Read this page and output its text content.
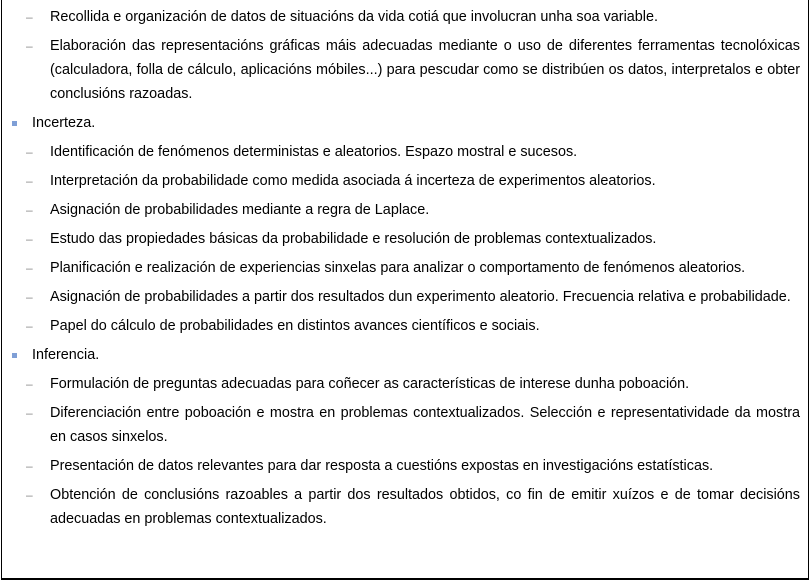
– Recollida e organización de datos de situacións da vida cotiá que involucran unha soa variable.
– Elaboración das representacións gráficas máis adecuadas mediante o uso de diferentes ferramentas tecnolóxicas (calculadora, folla de cálculo, aplicacións móbiles...) para pescudar como se distribúen os datos, interpretalos e obter conclusións razoadas.
Incerteza.
– Identificación de fenómenos deterministas e aleatorios. Espazo mostral e sucesos.
– Interpretación da probabilidade como medida asociada á incerteza de experimentos aleatorios.
– Asignación de probabilidades mediante a regra de Laplace.
– Estudo das propiedades básicas da probabilidade e resolución de problemas contextualizados.
– Planificación e realización de experiencias sinxelas para analizar o comportamento de fenómenos aleatorios.
– Asignación de probabilidades a partir dos resultados dun experimento aleatorio. Frecuencia relativa e probabilidade.
– Papel do cálculo de probabilidades en distintos avances científicos e sociais.
Inferencia.
– Formulación de preguntas adecuadas para coñecer as características de interese dunha poboación.
– Diferenciación entre poboación e mostra en problemas contextualizados. Selección e representatividade da mostra en casos sinxelos.
– Presentación de datos relevantes para dar resposta a cuestións expostas en investigacións estatísticas.
– Obtención de conclusións razoables a partir dos resultados obtidos, co fin de emitir xuízos e de tomar decisións adecuadas en problemas contextualizados.
